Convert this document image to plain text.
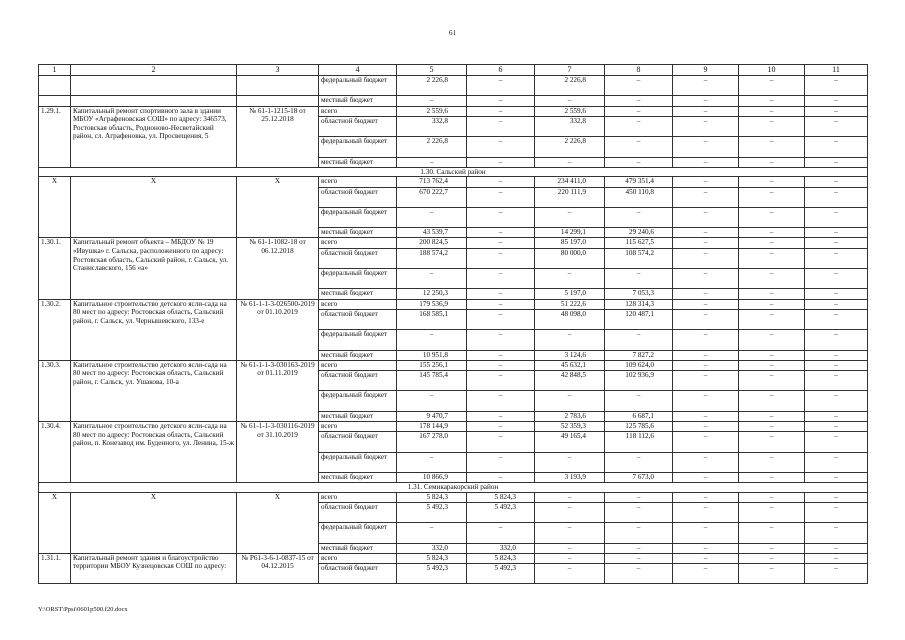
61
1	2	3	4	5	6	7	8	9	10	11
			федеральный бюджет	2 226,8	–	2 226,8	–	–	–	–
			местный бюджет	–	–	–	–	–	–	–
1.29.1.	Капитальный ремонт спортивного зала в здании МБОУ «Аграфеновская СОШ» по адресу: 346573, Ростовская область, Родионово-Несветайский район, сл. Аграфеновка, ул. Просвещения, 5	№ 61-1-1215-18 от 25.12.2018	всего	2 559,6	–	2 559,6	–	–	–	–
			областной бюджет	332,8	–	332,8	–	–	–	–
			федеральный бюджет	2 226,8	–	2 226,8	–	–	–	–
			местный бюджет	–	–	–	–	–	–	–
1.30. Сальский район										
X	X	X	всего	713 762,4	–	234 411,0	479 351,4	–	–	–
			областной бюджет	670 222,7	–	220 111,9	450 110,8	–	–	–
			федеральный бюджет	–	–	–	–	–	–	–
			местный бюджет	43 539,7	–	14 299,1	29 240,6	–	–	–
1.30.1.	Капитальный ремонт объекта – МБДОУ № 19 «Ивушка» г. Сальска, расположенного по адресу: Ростовская область, Сальский район, г. Сальск, ул. Станиславского, 156 «а»	№ 61-1-1082-18 от 06.12.2018	всего	200 824,5	–	85 197,0	115 627,5	–	–	–
			областной бюджет	188 574,2	–	80 000,0	108 574,2	–	–	–
			федеральный бюджет	–	–	–	–	–	–	–
			местный бюджет	12 250,3	–	5 197,0	7 053,3	–	–	–
1.30.2.	Капитальное строительство детского ясли-сада на 80 мест по адресу: Ростовская область, Сальский район, г. Сальск, ул. Чернышевского, 133-е	№ 61-1-1-3-026500-2019 от 01.10.2019	всего	179 536,9	–	51 222,6	128 314,3	–	–	–
			областной бюджет	168 585,1	–	48 098,0	120 487,1	–	–	–
			федеральный бюджет	–	–	–	–	–	–	–
			местный бюджет	10 951,8	–	3 124,6	7 827,2	–	–	–
1.30.3.	Капитальное строительство детского ясли-сада на 80 мест по адресу: Ростовская область, Сальский район, г. Сальск, ул. Ушакова, 10-а	№ 61-1-1-3-030163-2019 от 01.11.2019	всего	155 256,1	–	45 632,1	109 624,0	–	–	–
			областной бюджет	145 785,4	–	42 848,5	102 936,9	–	–	–
			федеральный бюджет	–	–	–	–	–	–	–
			местный бюджет	9 470,7	–	2 783,6	6 687,1	–	–	–
1.30.4.	Капитальное строительство детского ясли-сада на 80 мест по адресу: Ростовская область, Сальский район, п. Конезавод им. Буденного, ул. Ленина, 15-ж	№ 61-1-1-3-030116-2019 от 31.10.2019	всего	178 144,9	–	52 359,3	125 785,6	–	–	–
			областной бюджет	167 278,0	–	49 165,4	118 112,6	–	–	–
			федеральный бюджет	–	–	–	–	–	–	–
			местный бюджет	10 866,9	–	3 193,9	7 673,0	–	–	–
1.31. Семикаракорский район										
X	X	X	всего	5 824,3	5 824,3	–	–	–	–	–
			областной бюджет	5 492,3	5 492,3	–	–	–	–	–
			федеральный бюджет	–	–	–	–	–	–	–
			местный бюджет	332,0	332,0	–	–	–	–	–
1.31.1.	Капитальный ремонт здания и благоустройство территории МБОУ Кузнецовская СОШ по адресу:	№ Р61-3-6-1-0837-15 от 04.12.2015	всего	5 824,3	5 824,3	–	–	–	–	–
			областной бюджет	5 492,3	5 492,3	–	–	–	–	–
Y:\ORST\Ppsi\0601p500.f20.docx
